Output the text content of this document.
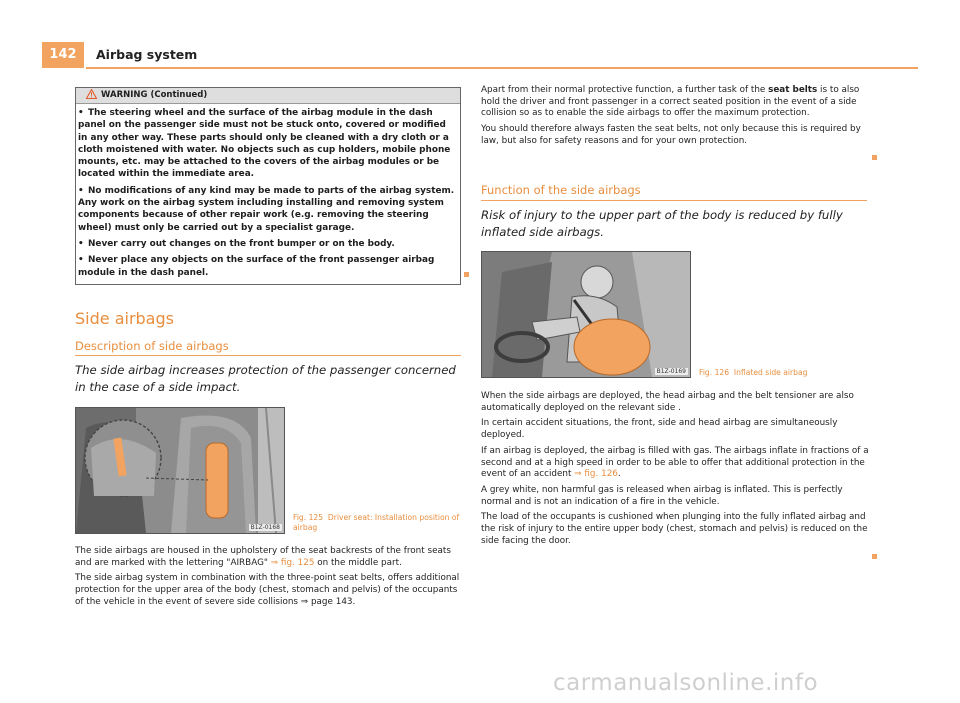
142	Airbag system
WARNING (Continued)

• The steering wheel and the surface of the airbag module in the dash panel on the passenger side must not be stuck onto, covered or modified in any other way. These parts should only be cleaned with a dry cloth or a cloth moistened with water. No objects such as cup holders, mobile phone mounts, etc. may be attached to the covers of the airbag modules or be located within the immediate area.

• No modifications of any kind may be made to parts of the airbag system. Any work on the airbag system including installing and removing system components because of other repair work (e.g. removing the steering wheel) must only be carried out by a specialist garage.

• Never carry out changes on the front bumper or on the body.

• Never place any objects on the surface of the front passenger airbag module in the dash panel.

Side airbags
Description of side airbags
The side airbag increases protection of the passenger concerned in the case of a side impact.
B1Z-0168
Fig. 125 Driver seat: Installation position of airbag

The side airbags are housed in the upholstery of the seat backrests of the front seats and are marked with the lettering "AIRBAG" ⇒ fig. 125 on the middle part.

The side airbag system in combination with the three-point seat belts, offers additional protection for the upper area of the body (chest, stomach and pelvis) of the occupants of the vehicle in the event of severe side collisions ⇒ page 143.

Apart from their normal protective function, a further task of the seat belts is to also hold the driver and front passenger in a correct seated position in the event of a side collision so as to enable the side airbags to offer the maximum protection.

You should therefore always fasten the seat belts, not only because this is required by law, but also for safety reasons and for your own protection.

Function of the side airbags
Risk of injury to the upper part of the body is reduced by fully inflated side airbags.
B1Z-0169 Fig. 126 Inflated side airbag

When the side airbags are deployed, the head airbag and the belt tensioner are also automatically deployed on the relevant side .

In certain accident situations, the front, side and head airbag are simultaneously deployed.

If an airbag is deployed, the airbag is filled with gas. The airbags inflate in fractions of a second and at a high speed in order to be able to offer that additional protection in the event of an accident ⇒ fig. 126.

A grey white, non harmful gas is released when airbag is inflated. This is perfectly normal and is not an indication of a fire in the vehicle.

The load of the occupants is cushioned when plunging into the fully inflated airbag and the risk of injury to the entire upper body (chest, stomach and pelvis) is reduced on the side facing the door.

carmanualsonline.info
